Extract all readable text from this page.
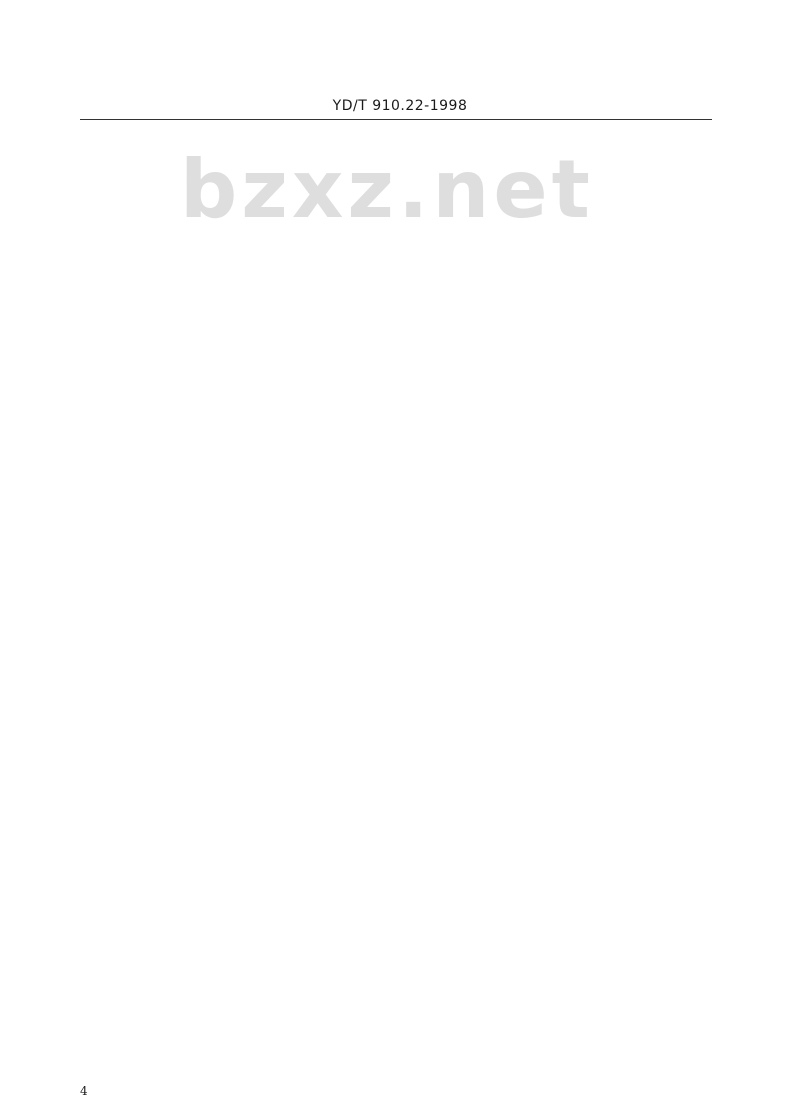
YD/T 910.22-1998
bzxz.net
4
